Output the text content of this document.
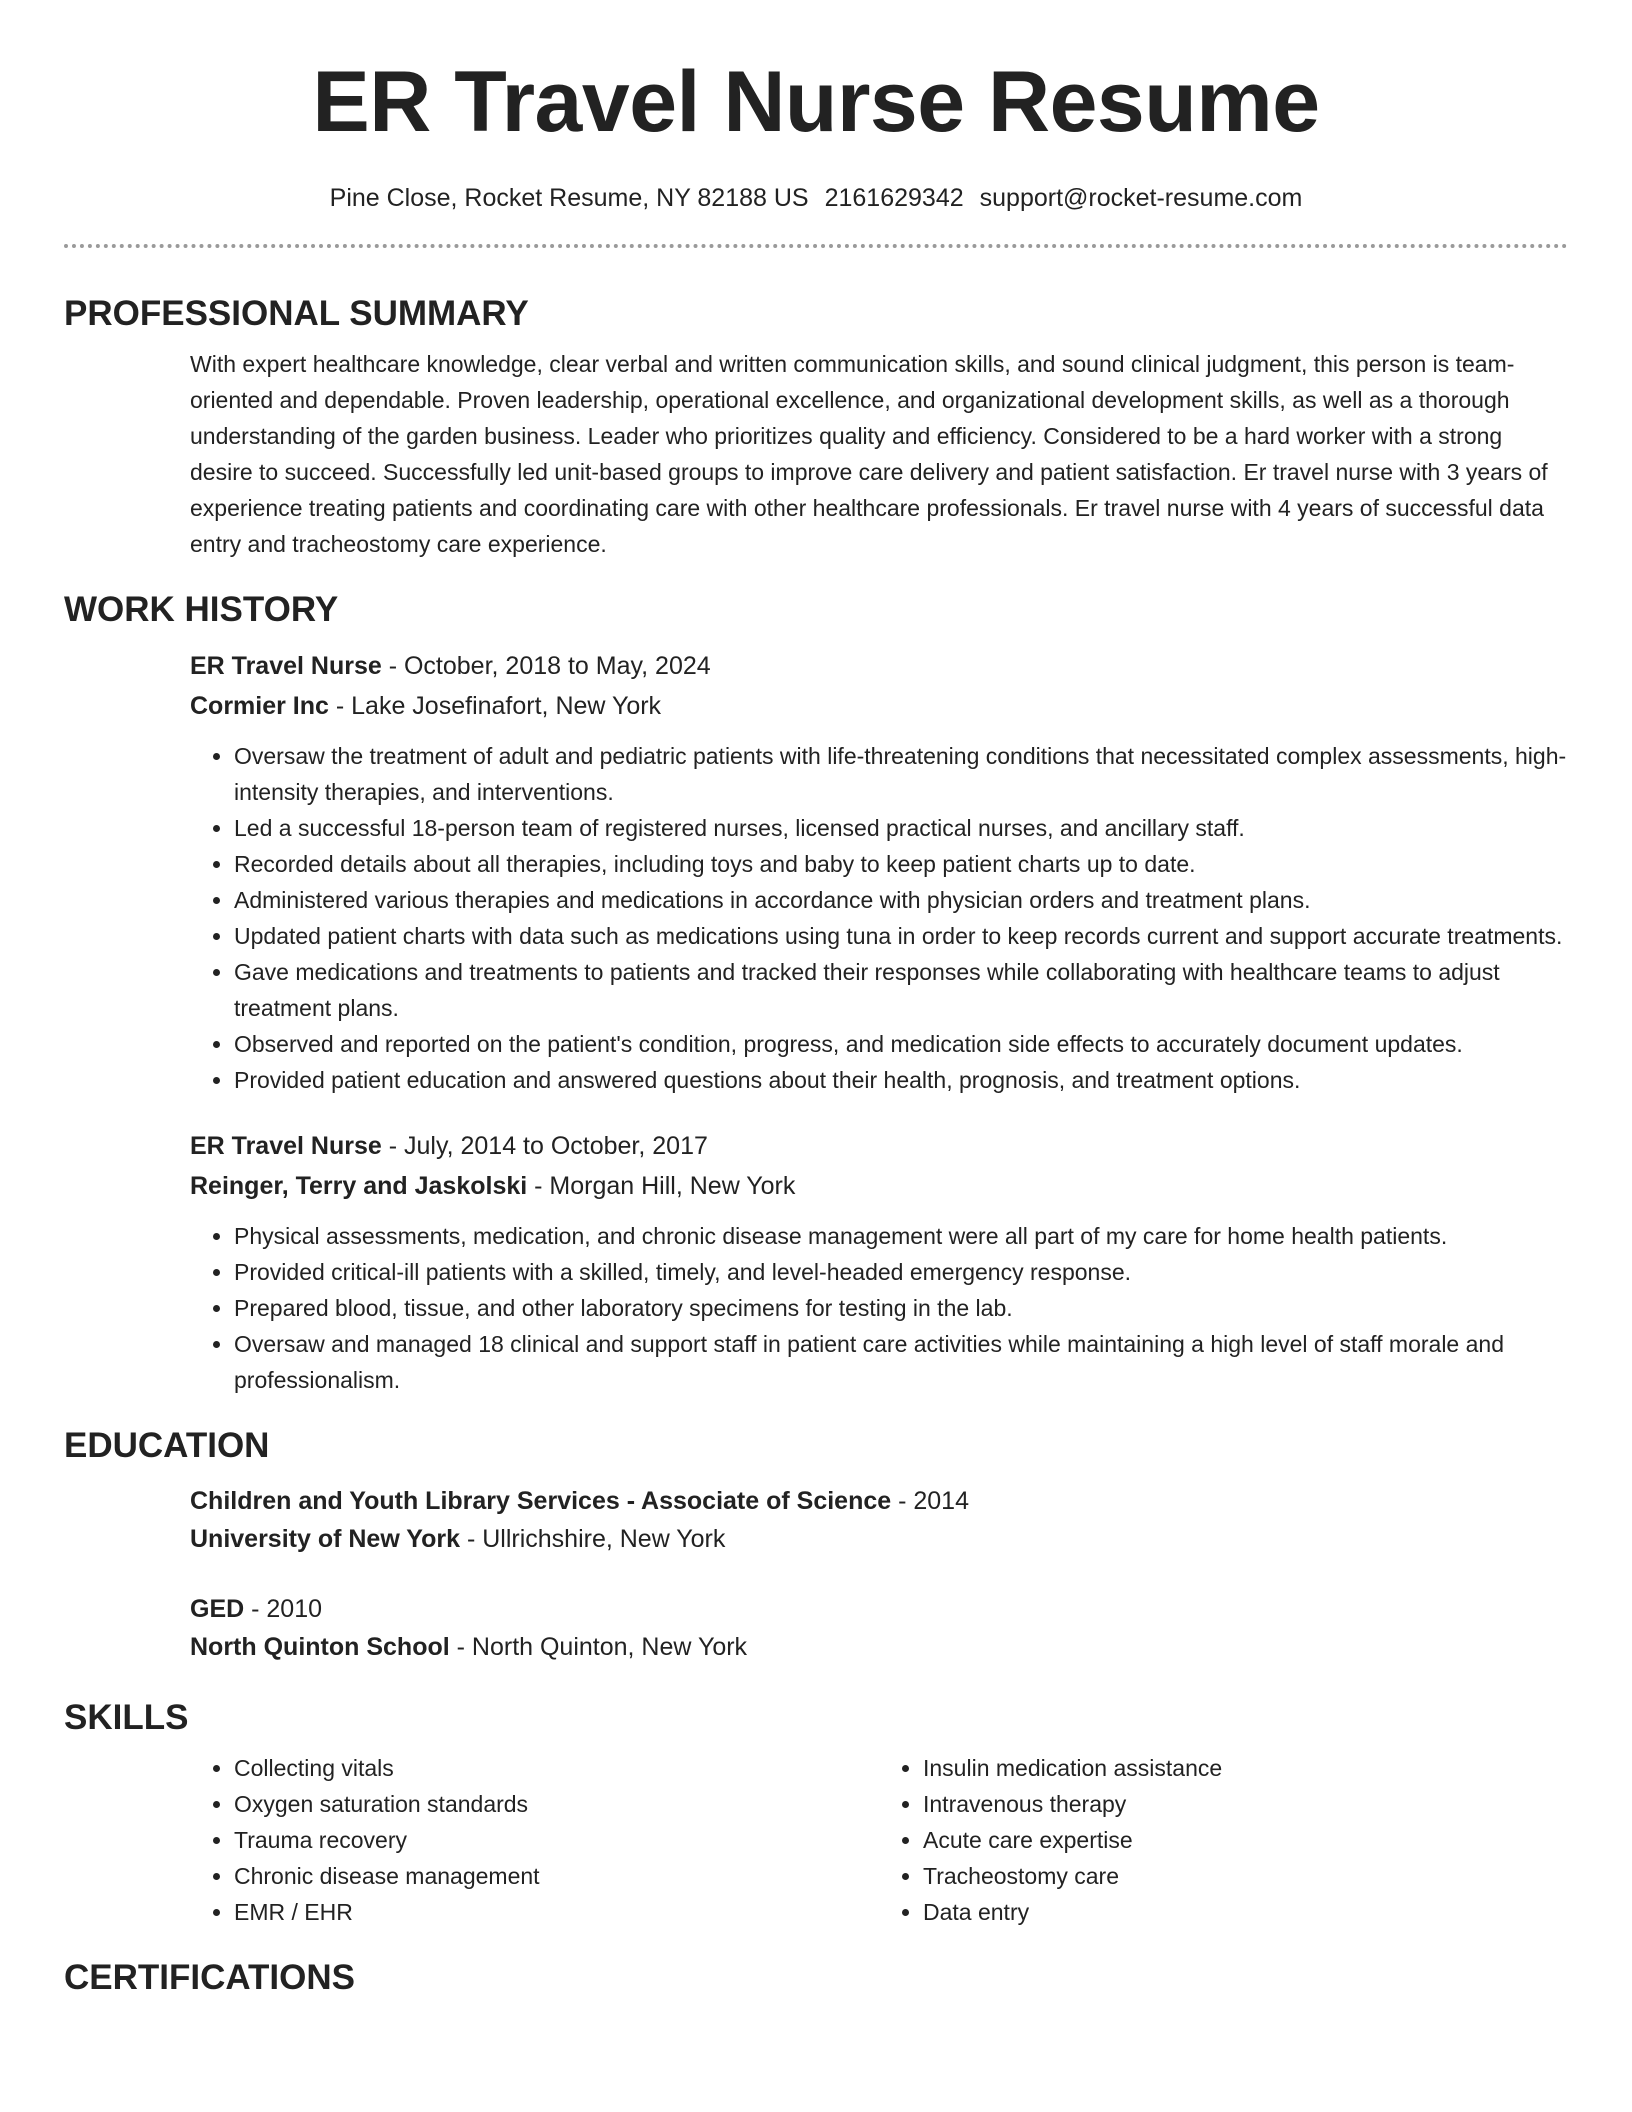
ER Travel Nurse Resume
Pine Close, Rocket Resume, NY 82188 US 2161629342 support@rocket-resume.com
PROFESSIONAL SUMMARY

With expert healthcare knowledge, clear verbal and written communication skills, and sound clinical judgment, this person is team-oriented and dependable. Proven leadership, operational excellence, and organizational development skills, as well as a thorough understanding of the garden business. Leader who prioritizes quality and efficiency. Considered to be a hard worker with a strong desire to succeed. Successfully led unit-based groups to improve care delivery and patient satisfaction. Er travel nurse with 3 years of experience treating patients and coordinating care with other healthcare professionals. Er travel nurse with 4 years of successful data entry and tracheostomy care experience.

WORK HISTORY
ER Travel Nurse - October, 2018 to May, 2024
Cormier Inc - Lake Josefinafort, New York
• Oversaw the treatment of adult and pediatric patients with life-threatening conditions that necessitated complex assessments, high-intensity therapies, and interventions.
• Led a successful 18-person team of registered nurses, licensed practical nurses, and ancillary staff.
• Recorded details about all therapies, including toys and baby to keep patient charts up to date.
• Administered various therapies and medications in accordance with physician orders and treatment plans.
• Updated patient charts with data such as medications using tuna in order to keep records current and support accurate treatments.
• Gave medications and treatments to patients and tracked their responses while collaborating with healthcare teams to adjust treatment plans.
• Observed and reported on the patient's condition, progress, and medication side effects to accurately document updates.
• Provided patient education and answered questions about their health, prognosis, and treatment options.
ER Travel Nurse - July, 2014 to October, 2017
Reinger, Terry and Jaskolski - Morgan Hill, New York
• Physical assessments, medication, and chronic disease management were all part of my care for home health patients.
• Provided critical-ill patients with a skilled, timely, and level-headed emergency response.
• Prepared blood, tissue, and other laboratory specimens for testing in the lab.
• Oversaw and managed 18 clinical and support staff in patient care activities while maintaining a high level of staff morale and professionalism.
EDUCATION
Children and Youth Library Services - Associate of Science - 2014
University of New York - Ullrichshire, New York
GED - 2010
North Quinton School - North Quinton, New York
SKILLS
• Collecting vitals
• Oxygen saturation standards
• Trauma recovery
• Chronic disease management
• EMR / EHR
• Insulin medication assistance
• Intravenous therapy
• Acute care expertise
• Tracheostomy care
• Data entry
CERTIFICATIONS
